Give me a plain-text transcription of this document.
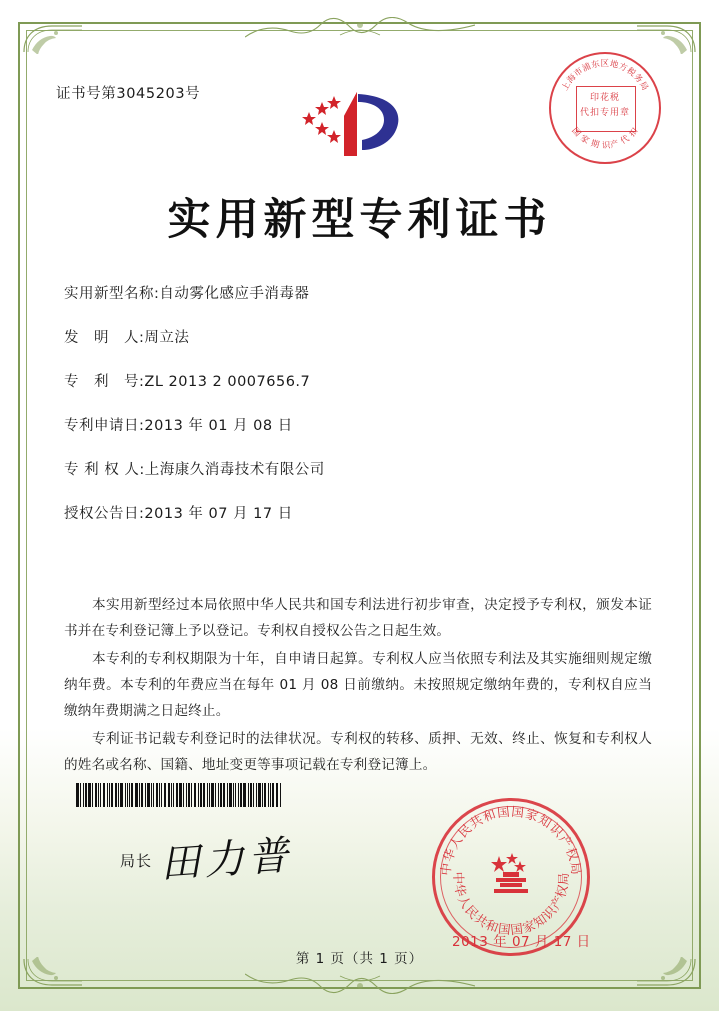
证书号第3045203号
上海市浦东区地方税务局
国 家 期 识产 代 扣
印花税
代扣专用章
实用新型专利证书
实用新型名称:自动雾化感应手消毒器
发　明　人:周立法
专　利　号:ZL 2013 2 0007656.7
专利申请日:2013 年 01 月 08 日
专 利 权 人:上海康久消毒技术有限公司
授权公告日:2013 年 07 月 17 日

本实用新型经过本局依照中华人民共和国专利法进行初步审查，决定授予专利权，颁发本证书并在专利登记簿上予以登记。专利权自授权公告之日起生效。

本专利的专利权期限为十年，自申请日起算。专利权人应当依照专利法及其实施细则规定缴纳年费。本专利的年费应当在每年 01 月 08 日前缴纳。未按照规定缴纳年费的，专利权自应当缴纳年费期满之日起终止。

专利证书记载专利登记时的法律状况。专利权的转移、质押、无效、终止、恢复和专利权人的姓名或名称、国籍、地址变更等事项记载在专利登记簿上。

局长 田力普	中华人民共和国国家知识产权局
中华人民共和国国家知识产权局
2013 年 07 月 17 日
第 1 页（共 1 页）
